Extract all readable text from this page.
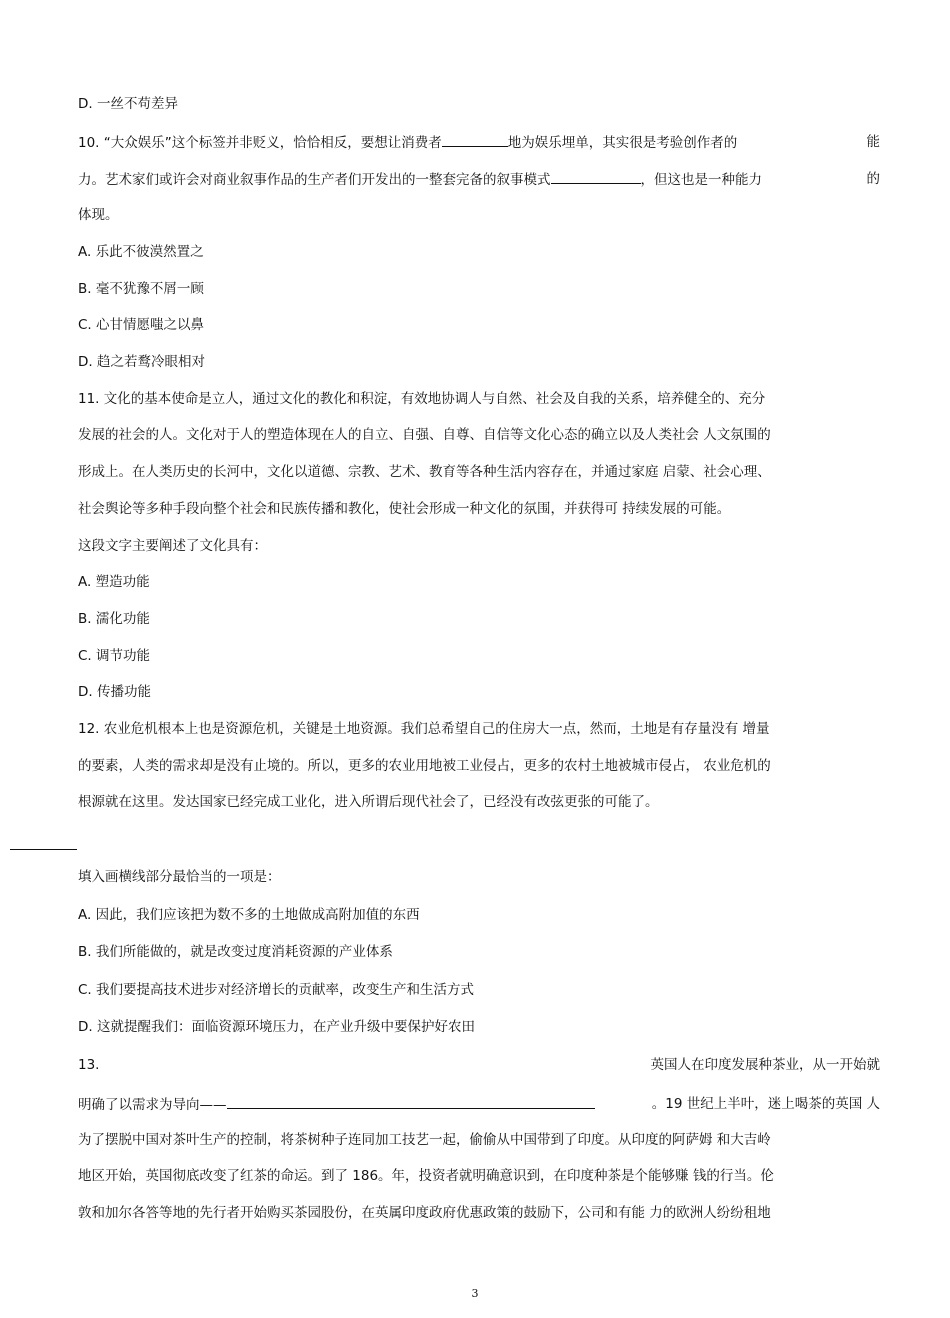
D. 一丝不苟差异
10. “大众娱乐”这个标签并非贬义，恰恰相反，要想让消费者	地为娱乐埋单，其实很是考验创作者的	能
力。艺术家们或许会对商业叙事作品的生产者们开发出的一整套完备的叙事模式	，但这也是一种能力	的
体现。
A. 乐此不彼漠然置之
B. 毫不犹豫不屑一顾
C. 心甘情愿嗤之以鼻
D. 趋之若鹜冷眼相对
11. 文化的基本使命是立人，通过文化的教化和积淀，有效地协调人与自然、社会及自我的关系，培养健全的、充分
发展的社会的人。文化对于人的塑造体现在人的自立、自强、自尊、自信等文化心态的确立以及人类社会 人文氛围的
形成上。在人类历史的长河中，文化以道德、宗教、艺术、教育等各种生活内容存在，并通过家庭 启蒙、社会心理、
社会舆论等多种手段向整个社会和民族传播和教化，使社会形成一种文化的氛围，并获得可 持续发展的可能。
这段文字主要阐述了文化具有：
A. 塑造功能
B. 濡化功能
C. 调节功能
D. 传播功能
12. 农业危机根本上也是资源危机，关键是土地资源。我们总希望自己的住房大一点，然而，土地是有存量没有 增量
的要素，人类的需求却是没有止境的。所以，更多的农业用地被工业侵占，更多的农村土地被城市侵占， 农业危机的
根源就在这里。发达国家已经完成工业化，进入所谓后现代社会了，已经没有改弦更张的可能了。
填入画横线部分最恰当的一项是：
A. 因此，我们应该把为数不多的土地做成高附加值的东西
B. 我们所能做的，就是改变过度消耗资源的产业体系
C. 我们要提高技术进步对经济增长的贡献率，改变生产和生活方式
D. 这就提醒我们：面临资源环境压力，在产业升级中要保护好农田
13.	英国人在印度发展种茶业，从一开始就
明确了以需求为导向——	。19 世纪上半叶，迷上喝茶的英国 人
为了摆脱中国对茶叶生产的控制，将茶树种子连同加工技艺一起，偷偷从中国带到了印度。从印度的阿萨姆 和大吉岭
地区开始，英国彻底改变了红茶的命运。到了 186。年，投资者就明确意识到，在印度种茶是个能够赚 钱的行当。伦
敦和加尔各答等地的先行者开始购买茶园股份，在英属印度政府优惠政策的鼓励下，公司和有能 力的欧洲人纷纷租地
3
